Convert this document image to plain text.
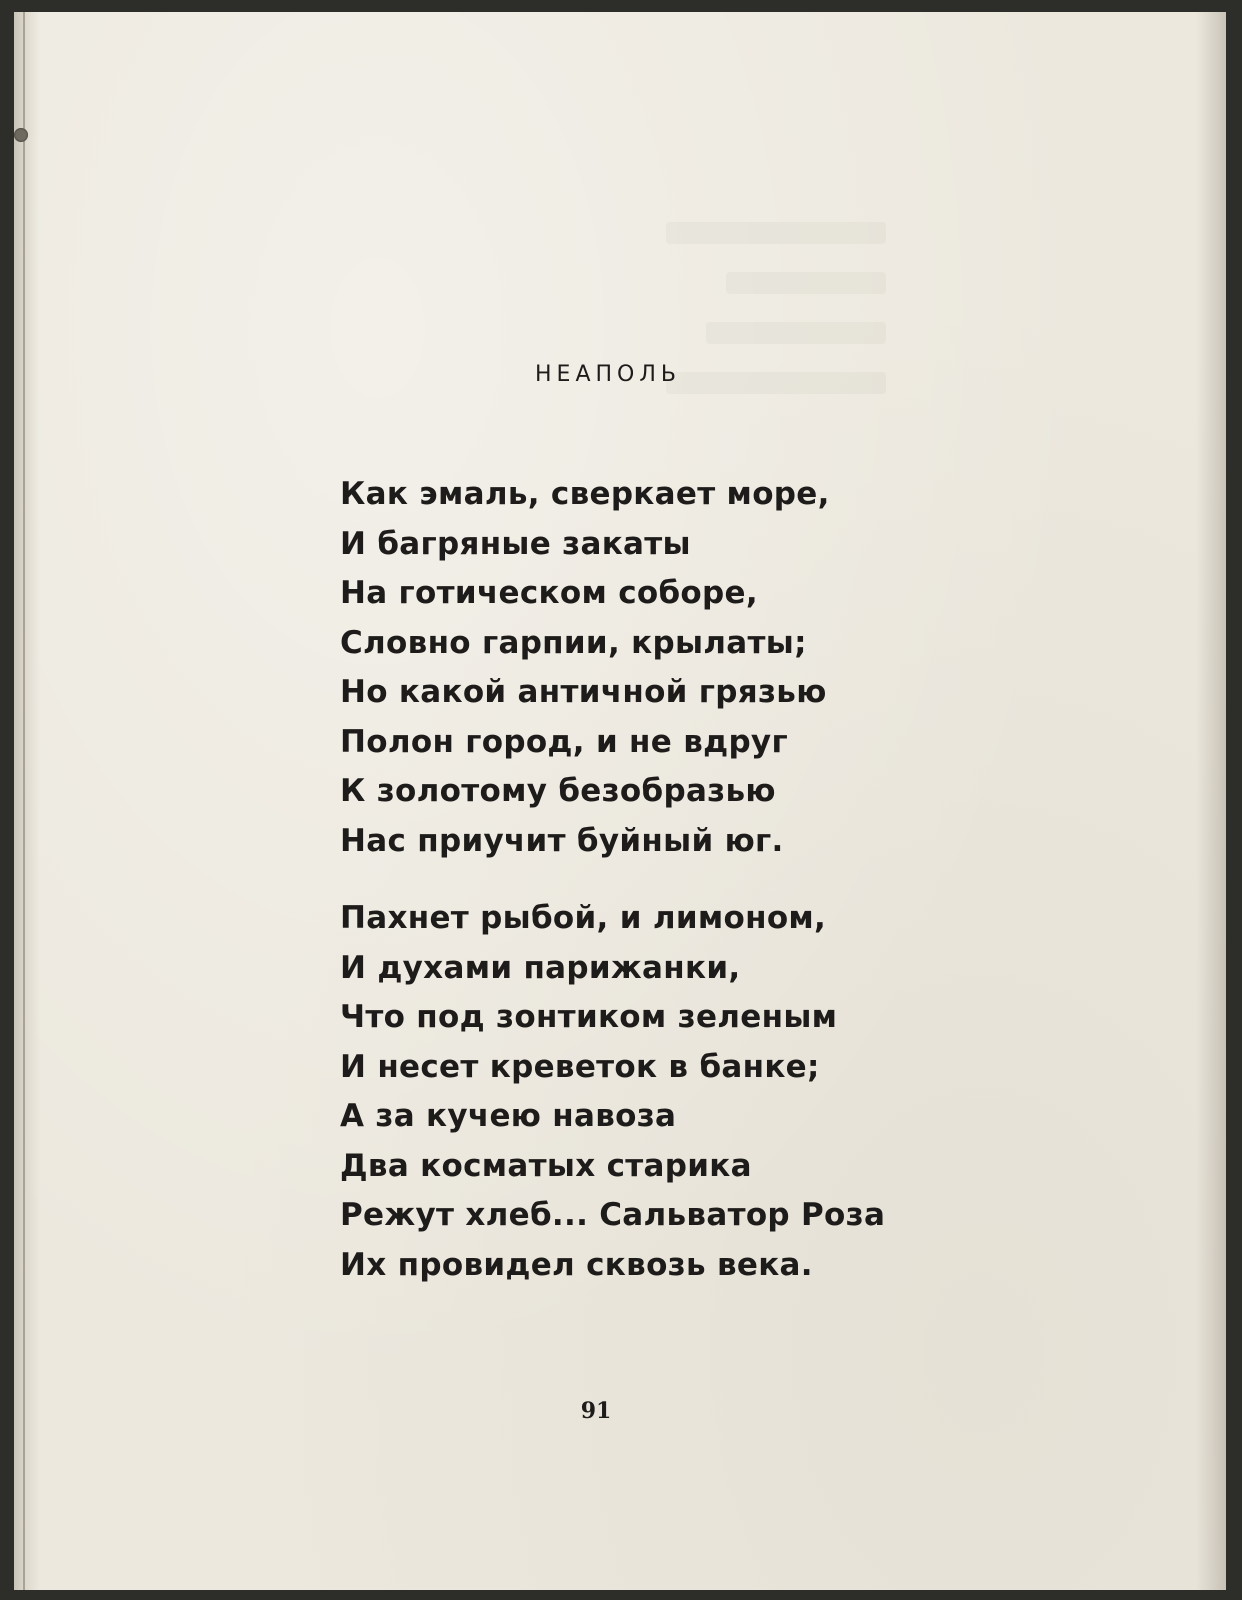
НЕАПОЛЬ
Как эмаль, сверкает море,
И багряные закаты
На готическом соборе,
Словно гарпии, крылаты;
Но какой античной грязью
Полон город, и не вдруг
К золотому безобразью
Нас приучит буйный юг.
Пахнет рыбой, и лимоном,
И духами парижанки,
Что под зонтиком зеленым
И несет креветок в банке;
А за кучею навоза
Два косматых старика
Режут хлеб... Сальватор Роза
Их провидел сквозь века.
91
